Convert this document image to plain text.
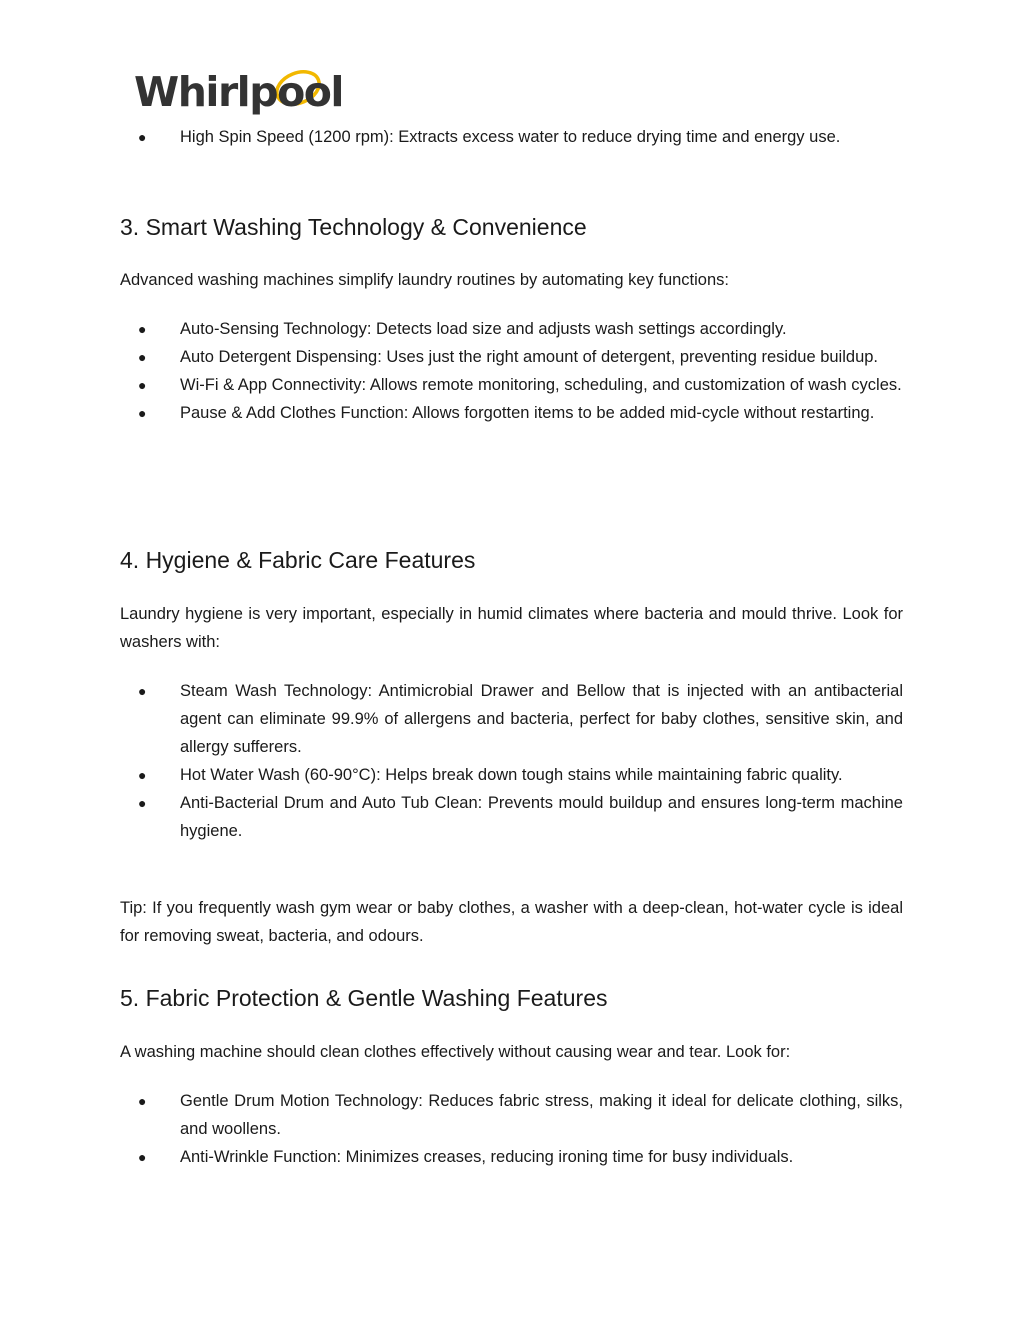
Whirlpool
● High Spin Speed (1200 rpm): Extracts excess water to reduce drying time and energy use.
3. Smart Washing Technology & Convenience

Advanced washing machines simplify laundry routines by automating key functions:

● Auto-Sensing Technology: Detects load size and adjusts wash settings accordingly.
● Auto Detergent Dispensing: Uses just the right amount of detergent, preventing residue buildup.
● Wi-Fi & App Connectivity: Allows remote monitoring, scheduling, and customization of wash cycles.
● Pause & Add Clothes Function: Allows forgotten items to be added mid-cycle without restarting.
4. Hygiene & Fabric Care Features

Laundry hygiene is very important, especially in humid climates where bacteria and mould thrive. Look for washers with:

● Steam Wash Technology: Antimicrobial Drawer and Bellow that is injected with an antibacterial agent can eliminate 99.9% of allergens and bacteria, perfect for baby clothes, sensitive skin, and allergy sufferers.
● Hot Water Wash (60-90°C): Helps break down tough stains while maintaining fabric quality.
● Anti-Bacterial Drum and Auto Tub Clean: Prevents mould buildup and ensures long-term machine hygiene.

Tip: If you frequently wash gym wear or baby clothes, a washer with a deep-clean, hot-water cycle is ideal for removing sweat, bacteria, and odours.

5. Fabric Protection & Gentle Washing Features

A washing machine should clean clothes effectively without causing wear and tear. Look for:

● Gentle Drum Motion Technology: Reduces fabric stress, making it ideal for delicate clothing, silks, and woollens.
● Anti-Wrinkle Function: Minimizes creases, reducing ironing time for busy individuals.
